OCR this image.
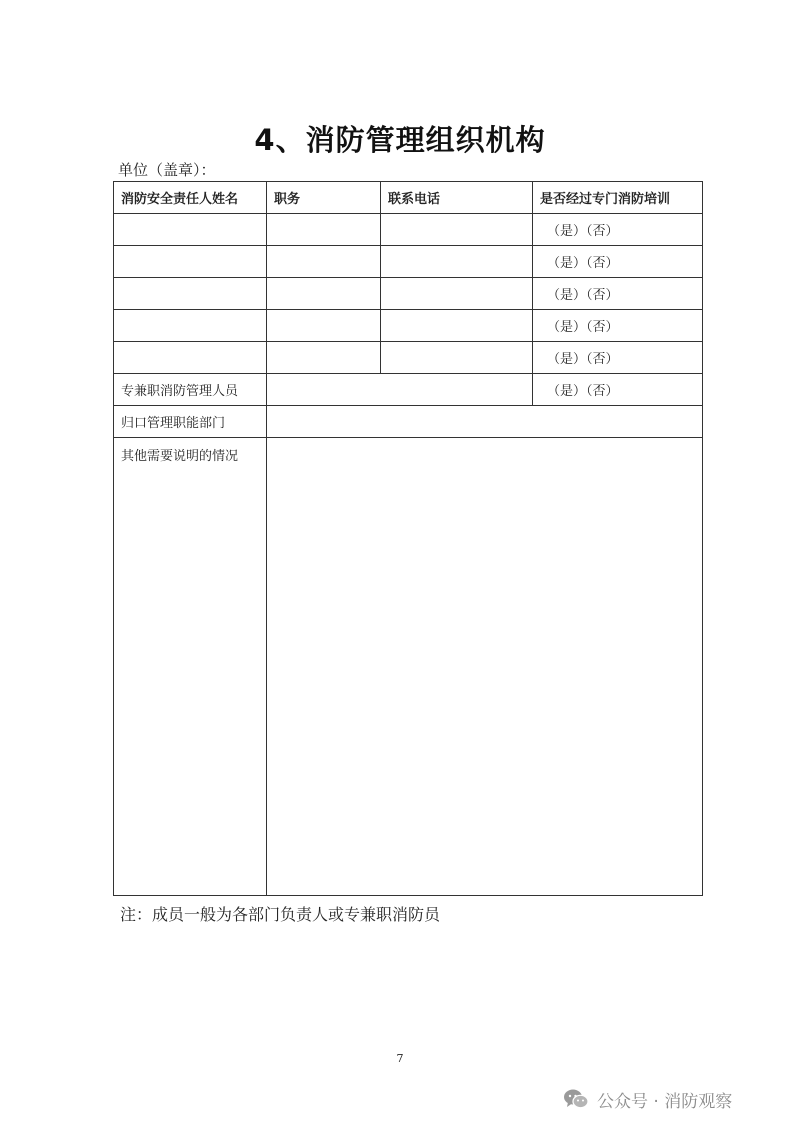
4、消防管理组织机构
单位（盖章）：
消防安全责任人姓名	职务	联系电话	是否经过专门消防培训
			（是）（否）
			（是）（否）
			（是）（否）
			（是）（否）
			（是）（否）
专兼职消防管理人员			（是）（否）
归口管理职能部门			
其他需要说明的情况			
注：成员一般为各部门负责人或专兼职消防员
7
公众号 · 消防观察
